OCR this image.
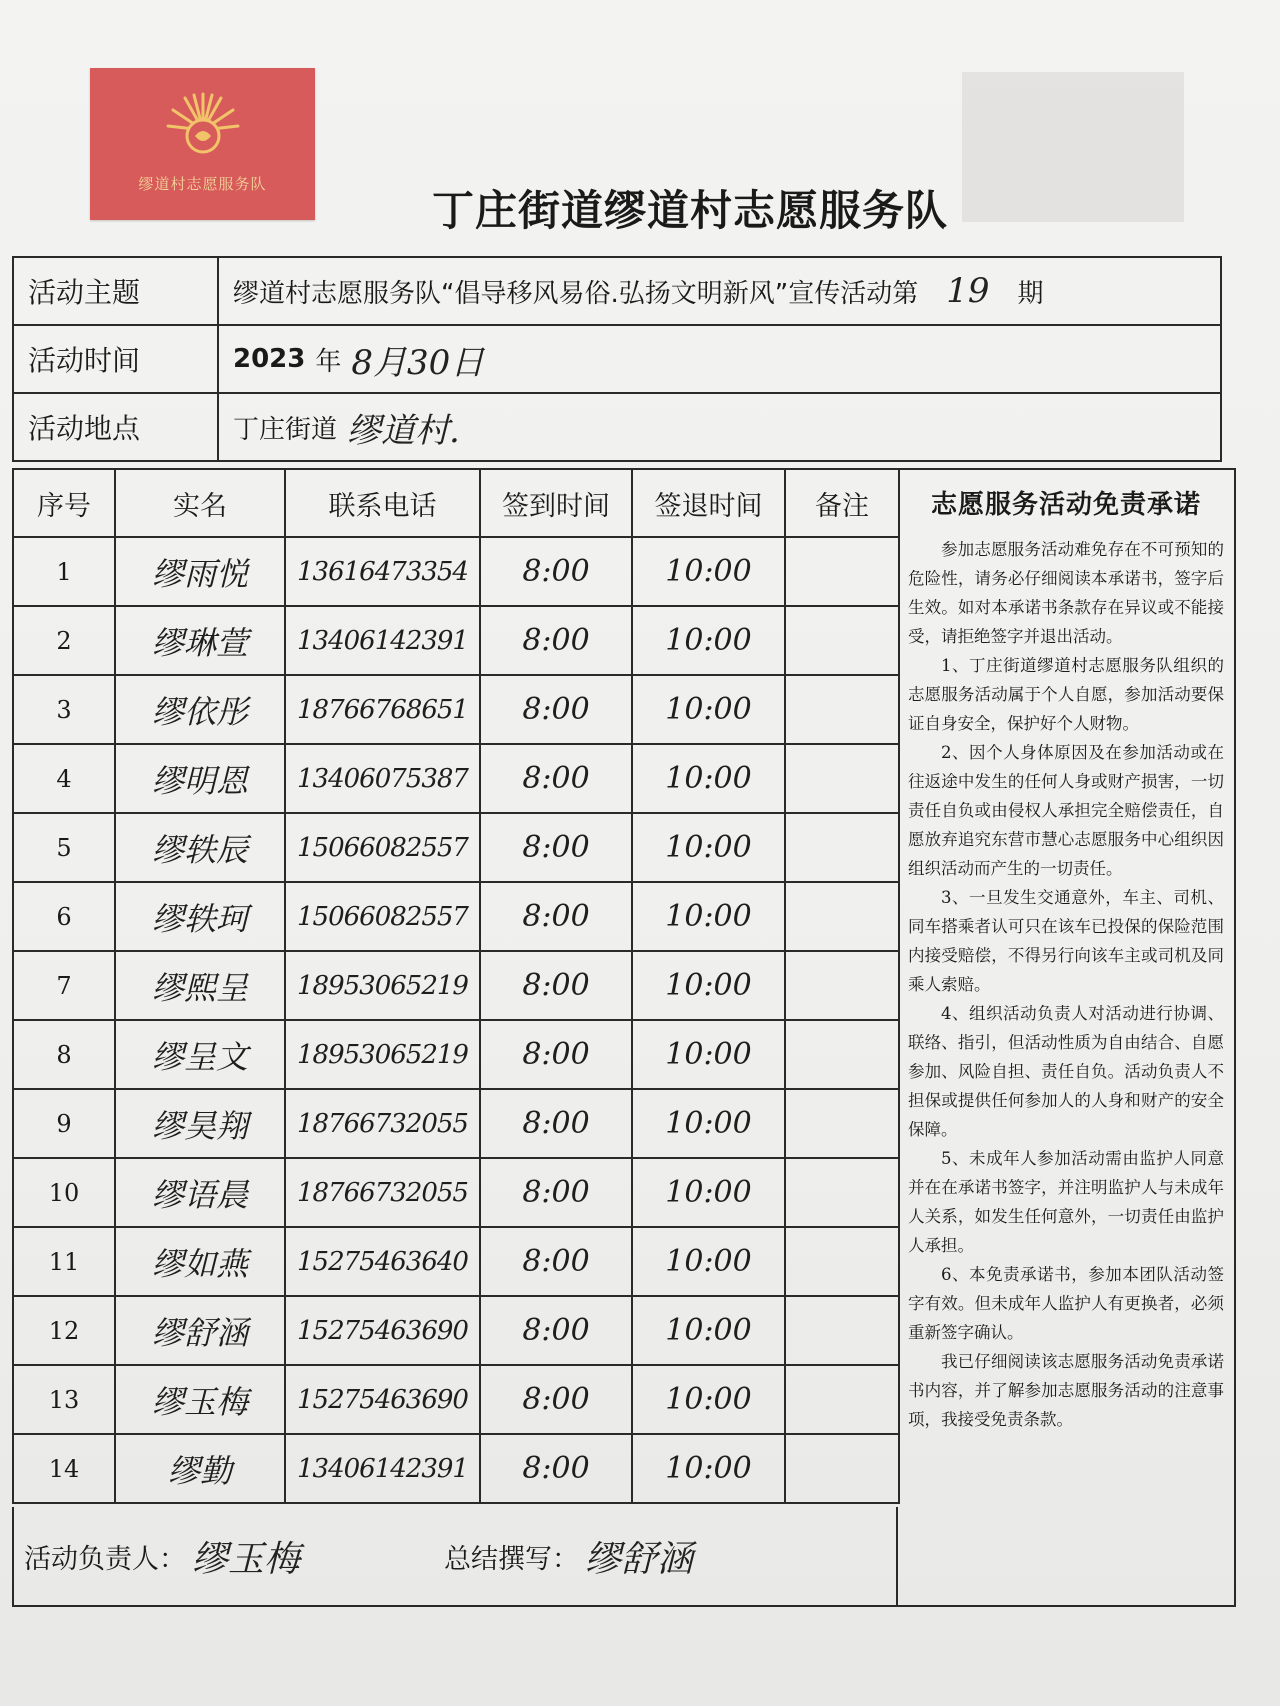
缪道村志愿服务队
丁庄街道缪道村志愿服务队
活动主题	缪道村志愿服务队“倡导移风易俗.弘扬文明新风”宣传活动第 19 期
活动时间	2023 年 8月30日
活动地点	丁庄街道 缪道村.
序号	实名	联系电话	签到时间	签退时间	备注
1	缪雨悦	13616473354	8:00	10:00	
2	缪琳萱	13406142391	8:00	10:00	
3	缪依彤	18766768651	8:00	10:00	
4	缪明恩	13406075387	8:00	10:00	
5	缪轶辰	15066082557	8:00	10:00	
6	缪轶珂	15066082557	8:00	10:00	
7	缪熙呈	18953065219	8:00	10:00	
8	缪呈文	18953065219	8:00	10:00	
9	缪昊翔	18766732055	8:00	10:00	
10	缪语晨	18766732055	8:00	10:00	
11	缪如燕	15275463640	8:00	10:00	
12	缪舒涵	15275463690	8:00	10:00	
13	缪玉梅	15275463690	8:00	10:00	
14	缪勤	13406142391	8:00	10:00	
活动负责人： 缪玉梅	总结撰写： 缪舒涵
志愿服务活动免责承诺

参加志愿服务活动难免存在不可预知的危险性，请务必仔细阅读本承诺书，签字后生效。如对本承诺书条款存在异议或不能接受，请拒绝签字并退出活动。

1、丁庄街道缪道村志愿服务队组织的志愿服务活动属于个人自愿，参加活动要保证自身安全，保护好个人财物。

2、因个人身体原因及在参加活动或在往返途中发生的任何人身或财产损害，一切责任自负或由侵权人承担完全赔偿责任，自愿放弃追究东营市慧心志愿服务中心组织因组织活动而产生的一切责任。

3、一旦发生交通意外，车主、司机、同车搭乘者认可只在该车已投保的保险范围内接受赔偿，不得另行向该车主或司机及同乘人索赔。

4、组织活动负责人对活动进行协调、联络、指引，但活动性质为自由结合、自愿参加、风险自担、责任自负。活动负责人不担保或提供任何参加人的人身和财产的安全保障。

5、未成年人参加活动需由监护人同意并在在承诺书签字，并注明监护人与未成年人关系，如发生任何意外，一切责任由监护人承担。

6、本免责承诺书，参加本团队活动签字有效。但未成年人监护人有更换者，必须重新签字确认。

我已仔细阅读该志愿服务活动免责承诺书内容，并了解参加志愿服务活动的注意事项，我接受免责条款。
